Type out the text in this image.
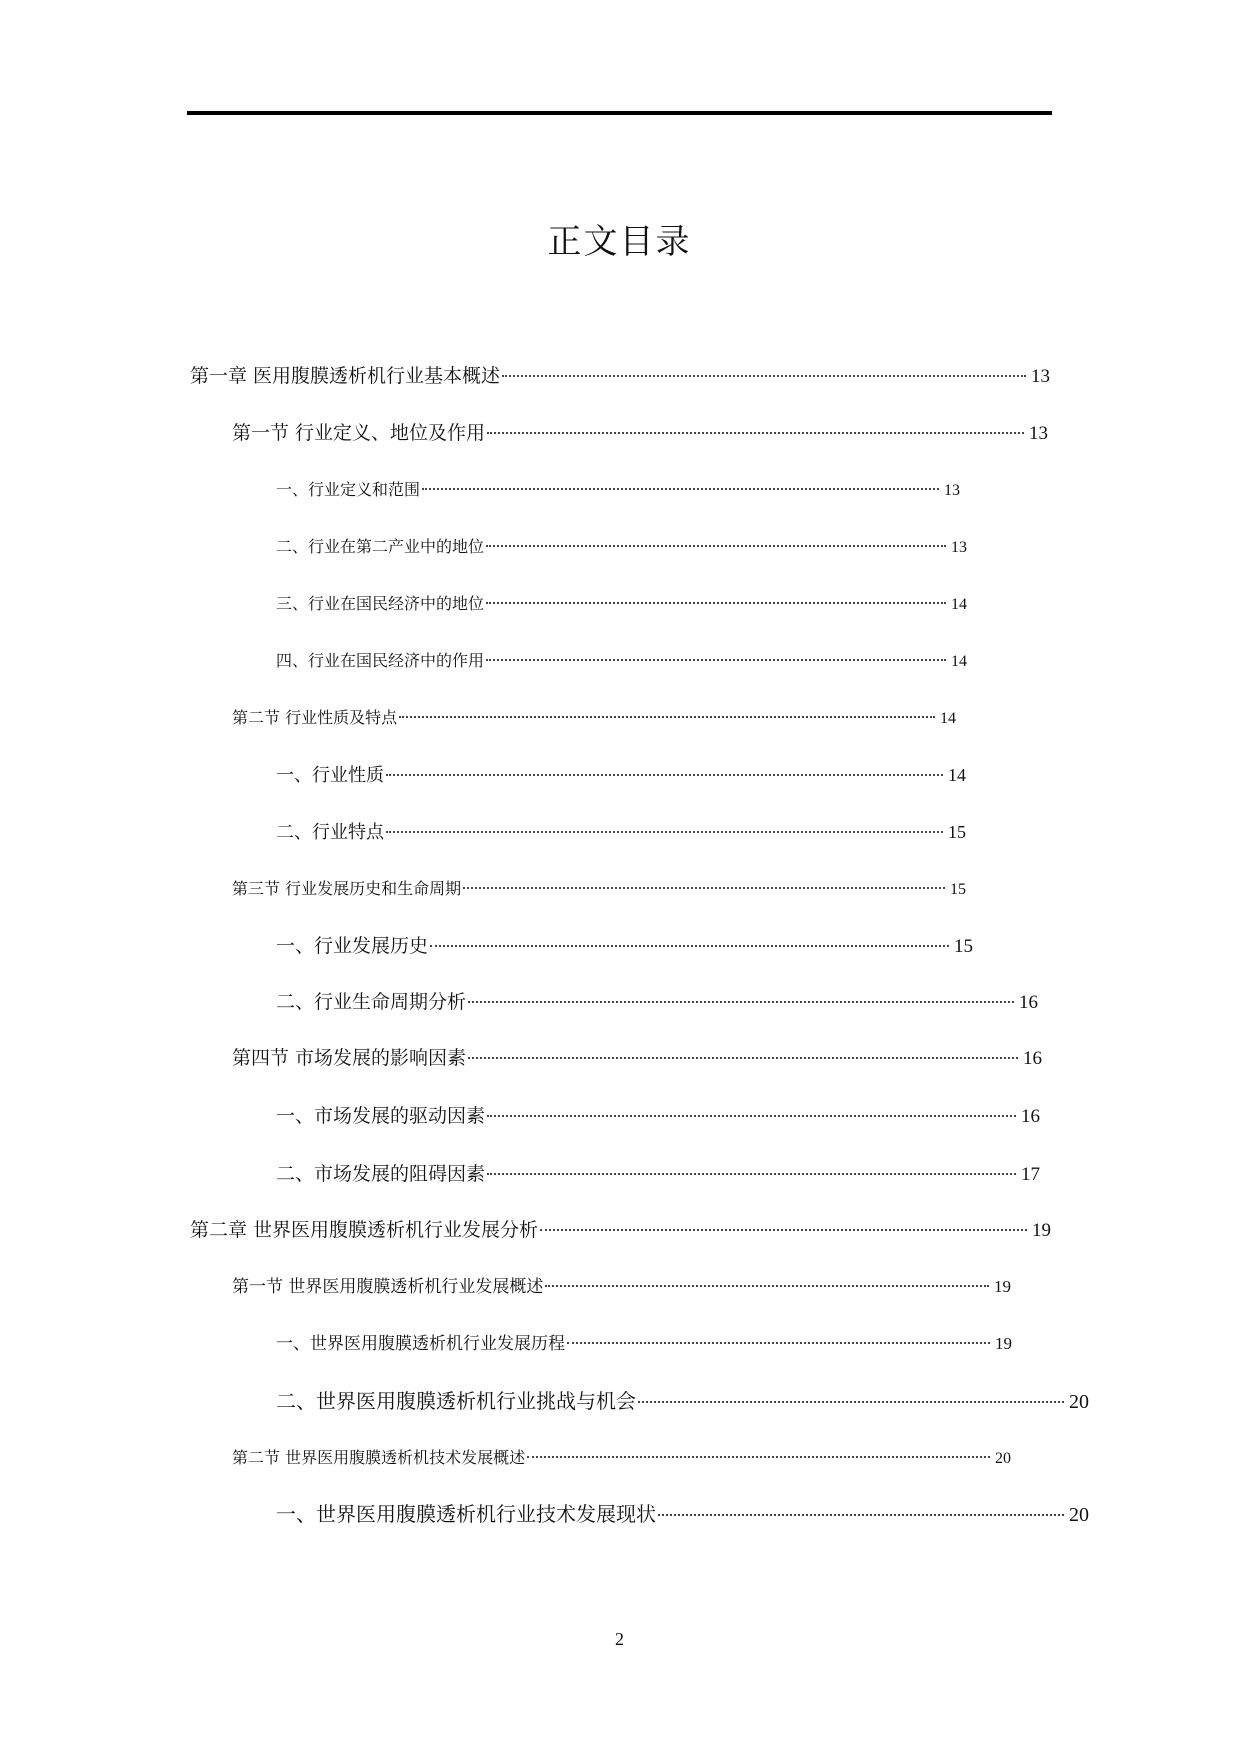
正文目录
第一章 医用腹膜透析机行业基本概述	13
第一节 行业定义、地位及作用	13
一、行业定义和范围	13
二、行业在第二产业中的地位	13
三、行业在国民经济中的地位	14
四、行业在国民经济中的作用	14
第二节 行业性质及特点	14
一、行业性质	14
二、行业特点	15
第三节 行业发展历史和生命周期	15
一、行业发展历史	15
二、行业生命周期分析	16
第四节 市场发展的影响因素	16
一、市场发展的驱动因素	16
二、市场发展的阻碍因素	17
第二章 世界医用腹膜透析机行业发展分析	19
第一节 世界医用腹膜透析机行业发展概述	19
一、世界医用腹膜透析机行业发展历程	19
二、世界医用腹膜透析机行业挑战与机会	20
第二节 世界医用腹膜透析机技术发展概述	20
一、世界医用腹膜透析机行业技术发展现状	20
2
